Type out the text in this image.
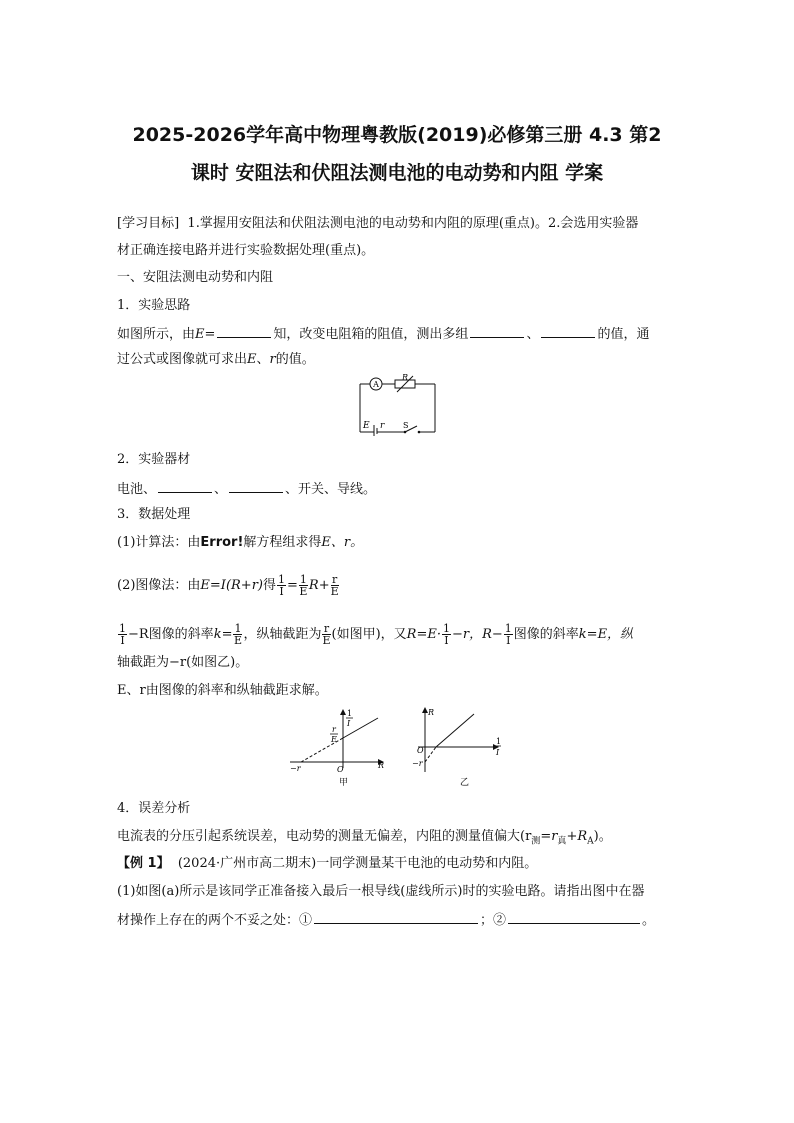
2025-2026学年高中物理粤教版(2019)必修第三册 4.3 第2
课时 安阻法和伏阻法测电池的电动势和内阻 学案
[学习目标] 1.掌握用安阻法和伏阻法测电池的电动势和内阻的原理(重点)。2.会选用实验器
材正确连接电路并进行实验数据处理(重点)。
一、安阻法测电动势和内阻
1．实验思路
如图所示，由E=	知，改变电阻箱的阻值，测出多组	、	的值，通
过公式或图像就可求出E、r的值。
A
R
E r S
2．实验器材
电池、	、	、开关、导线。
3．数据处理
(1)计算法：由Error!解方程组求得E、r。
(2)图像法：由E=I(R+r)得 $\frac{1}{I} = \frac{1}{E} R+ \frac{r}{E}$
$\frac{1}{I} -R$图像的斜率$k= \frac{1}{E}$ ，纵轴截距为 $\frac{r}{E}$ (如图甲)，又$R=E\cdot \frac{1}{I} -r$，$R- \frac{1}{I}$ 图像的斜率k=E，纵
轴截距为−r(如图乙)。
E、r由图像的斜率和纵轴截距求解。
1
I
R
r
E
−r	O
甲
R
1
I
−r
O
乙
4．误差分析
电流表的分压引起系统误差，电动势的测量无偏差，内阻的测量值偏大$(r_测=r_真+R_A)$。
【例 1】 (2024·广州市高二期末)一同学测量某干电池的电动势和内阻。
(1)如图(a)所示是该同学正准备接入最后一根导线(虚线所示)时的实验电路。请指出图中在器
材操作上存在的两个不妥之处：①	；②	。
